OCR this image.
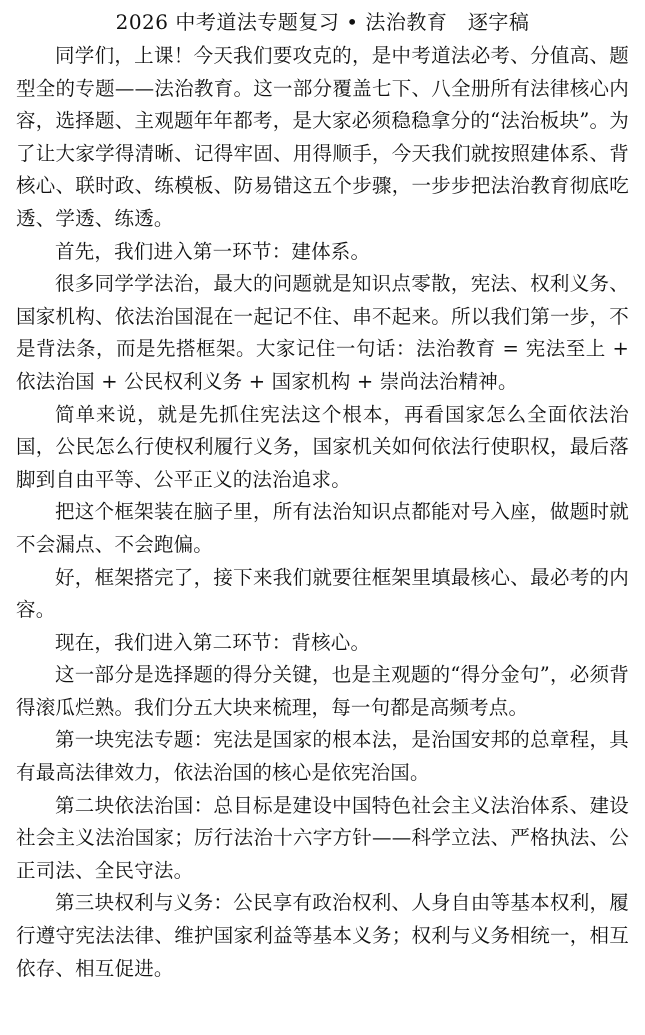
2026 中考道法专题复习 • 法治教育　逐字稿

同学们，上课！今天我们要攻克的，是中考道法必考、分值高、题型全的专题——法治教育。这一部分覆盖七下、八全册所有法律核心内容，选择题、主观题年年都考，是大家必须稳稳拿分的“法治板块”。为了让大家学得清晰、记得牢固、用得顺手，今天我们就按照建体系、背核心、联时政、练模板、防易错这五个步骤，一步步把法治教育彻底吃透、学透、练透。

首先，我们进入第一环节：建体系。

很多同学学法治，最大的问题就是知识点零散，宪法、权利义务、国家机构、依法治国混在一起记不住、串不起来。所以我们第一步，不是背法条，而是先搭框架。大家记住一句话：法治教育 = 宪法至上 + 依法治国 + 公民权利义务 + 国家机构 + 崇尚法治精神。

简单来说，就是先抓住宪法这个根本，再看国家怎么全面依法治国，公民怎么行使权利履行义务，国家机关如何依法行使职权，最后落脚到自由平等、公平正义的法治追求。

把这个框架装在脑子里，所有法治知识点都能对号入座，做题时就不会漏点、不会跑偏。

好，框架搭完了，接下来我们就要往框架里填最核心、最必考的内容。

现在，我们进入第二环节：背核心。

这一部分是选择题的得分关键，也是主观题的“得分金句”，必须背得滚瓜烂熟。我们分五大块来梳理，每一句都是高频考点。

第一块宪法专题：宪法是国家的根本法，是治国安邦的总章程，具有最高法律效力，依法治国的核心是依宪治国。

第二块依法治国：总目标是建设中国特色社会主义法治体系、建设社会主义法治国家；厉行法治十六字方针——科学立法、严格执法、公正司法、全民守法。

第三块权利与义务：公民享有政治权利、人身自由等基本权利，履行遵守宪法法律、维护国家利益等基本义务；权利与义务相统一，相互依存、相互促进。
